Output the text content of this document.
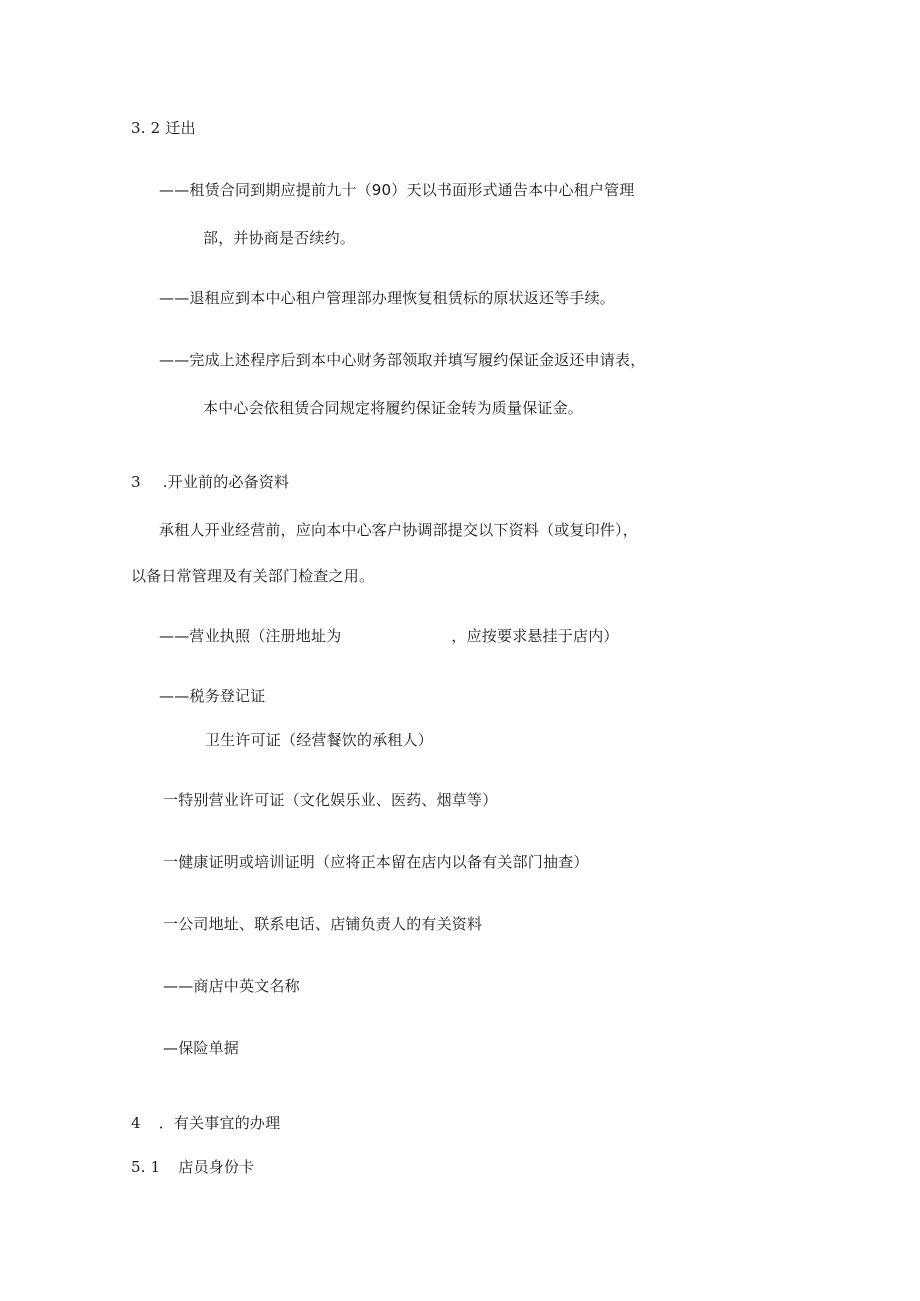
3. 2 迁出
——租赁合同到期应提前九十（90）天以书面形式通告本中心租户管理
部，并协商是否续约。
——退租应到本中心租户管理部办理恢复租赁标的原状返还等手续。
——完成上述程序后到本中心财务部领取并填写履约保证金返还申请表，
本中心会依租赁合同规定将履约保证金转为质量保证金。
3 .开业前的必备资料
承租人开业经营前，应向本中心客户协调部提交以下资料（或复印件），
以备日常管理及有关部门检查之用。
——营业执照（注册地址为	，应按要求悬挂于店内）
——税务登记证
卫生许可证（经营餐饮的承租人）
一特别营业许可证（文化娱乐业、医药、烟草等）
一健康证明或培训证明（应将正本留在店内以备有关部门抽查）
一公司地址、联系电话、店铺负责人的有关资料
——商店中英文名称
—保险单据
4 ．有关事宜的办理
5. 1 店员身份卡
